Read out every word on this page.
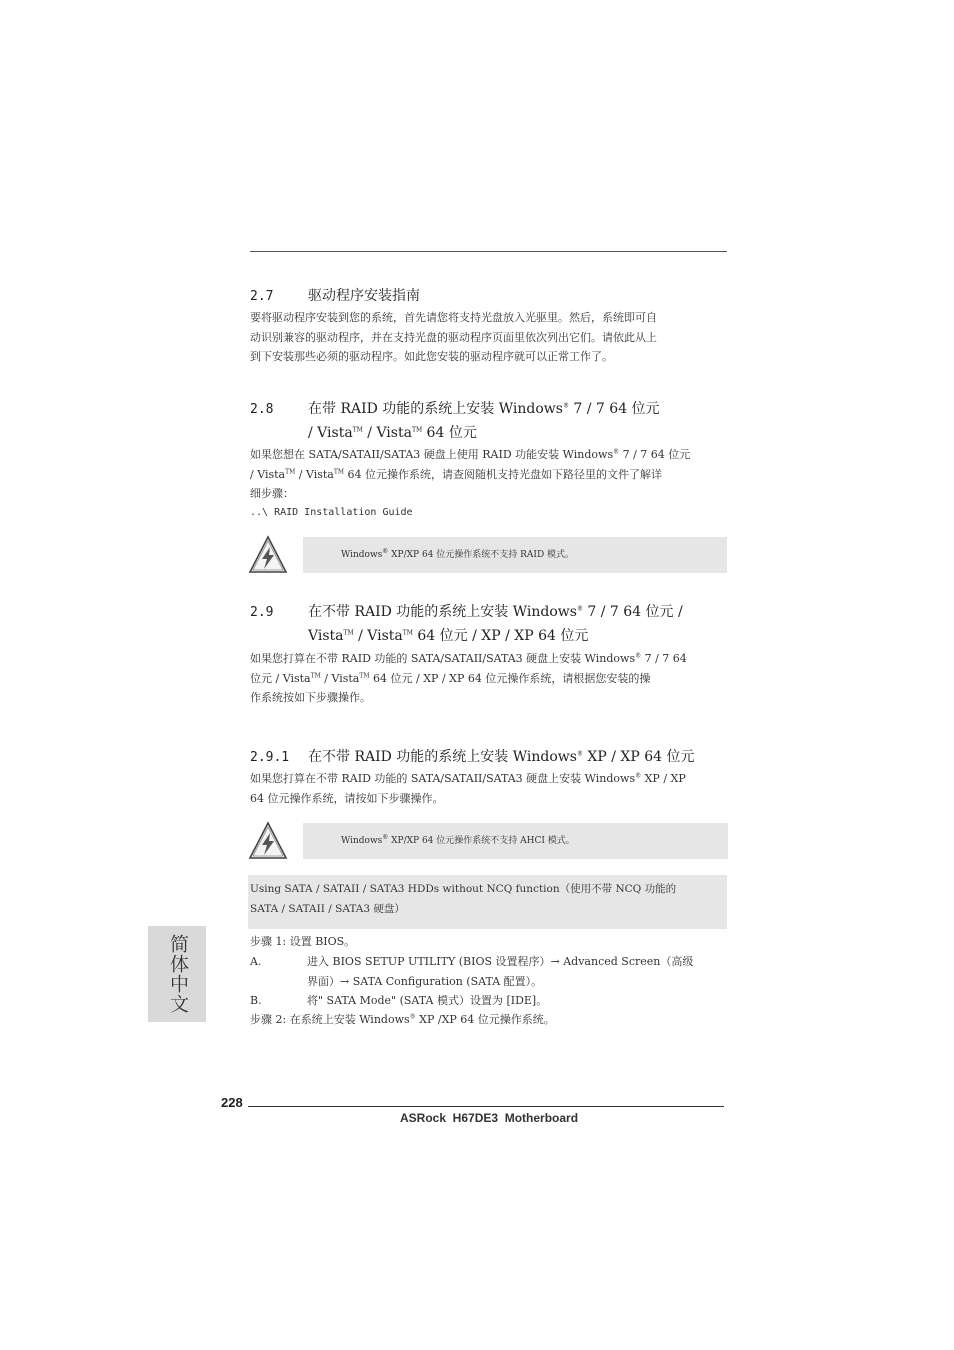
2.7 驱动程序安装指南
要将驱动程序安装到您的系统，首先请您将支持光盘放入光驱里。然后，系统即可自
动识别兼容的驱动程序，并在支持光盘的驱动程序页面里依次列出它们。请依此从上
到下安装那些必须的驱动程序。如此您安装的驱动程序就可以正常工作了。
2.8 在带 RAID 功能的系统上安装 Windows® 7 / 7 64 位元
/ Vista™ / Vista™ 64 位元
如果您想在 SATA/SATAII/SATA3 硬盘上使用 RAID 功能安装 Windows® 7 / 7 64 位元
/ Vista™ / Vista™ 64 位元操作系统，请查阅随机支持光盘如下路径里的文件了解详
细步骤：
..\ RAID Installation Guide
Windows® XP/XP 64 位元操作系统不支持 RAID 模式。
2.9 在不带 RAID 功能的系统上安装 Windows® 7 / 7 64 位元 /
Vista™ / Vista™ 64 位元 / XP / XP 64 位元
如果您打算在不带 RAID 功能的 SATA/SATAII/SATA3 硬盘上安装 Windows® 7 / 7 64
位元 / Vista™ / Vista™ 64 位元 / XP / XP 64 位元操作系统，请根据您安装的操
作系统按如下步骤操作。
2.9.1 在不带 RAID 功能的系统上安装 Windows® XP / XP 64 位元
如果您打算在不带 RAID 功能的 SATA/SATAII/SATA3 硬盘上安装 Windows® XP / XP
64 位元操作系统，请按如下步骤操作。
Windows® XP/XP 64 位元操作系统不支持 AHCI 模式。
Using SATA / SATAII / SATA3 HDDs without NCQ function（使用不带 NCQ 功能的
SATA / SATAII / SATA3 硬盘）
步骤 1: 设置 BIOS。
A.	进入 BIOS SETUP UTILITY (BIOS 设置程序）→ Advanced Screen（高级
界面）→ SATA Configuration (SATA 配置）。
B.	将" SATA Mode" (SATA 模式）设置为 [IDE]。
步骤 2: 在系统上安装 Windows® XP /XP 64 位元操作系统。
简体中文
228
ASRock  H67DE3  Motherboard
